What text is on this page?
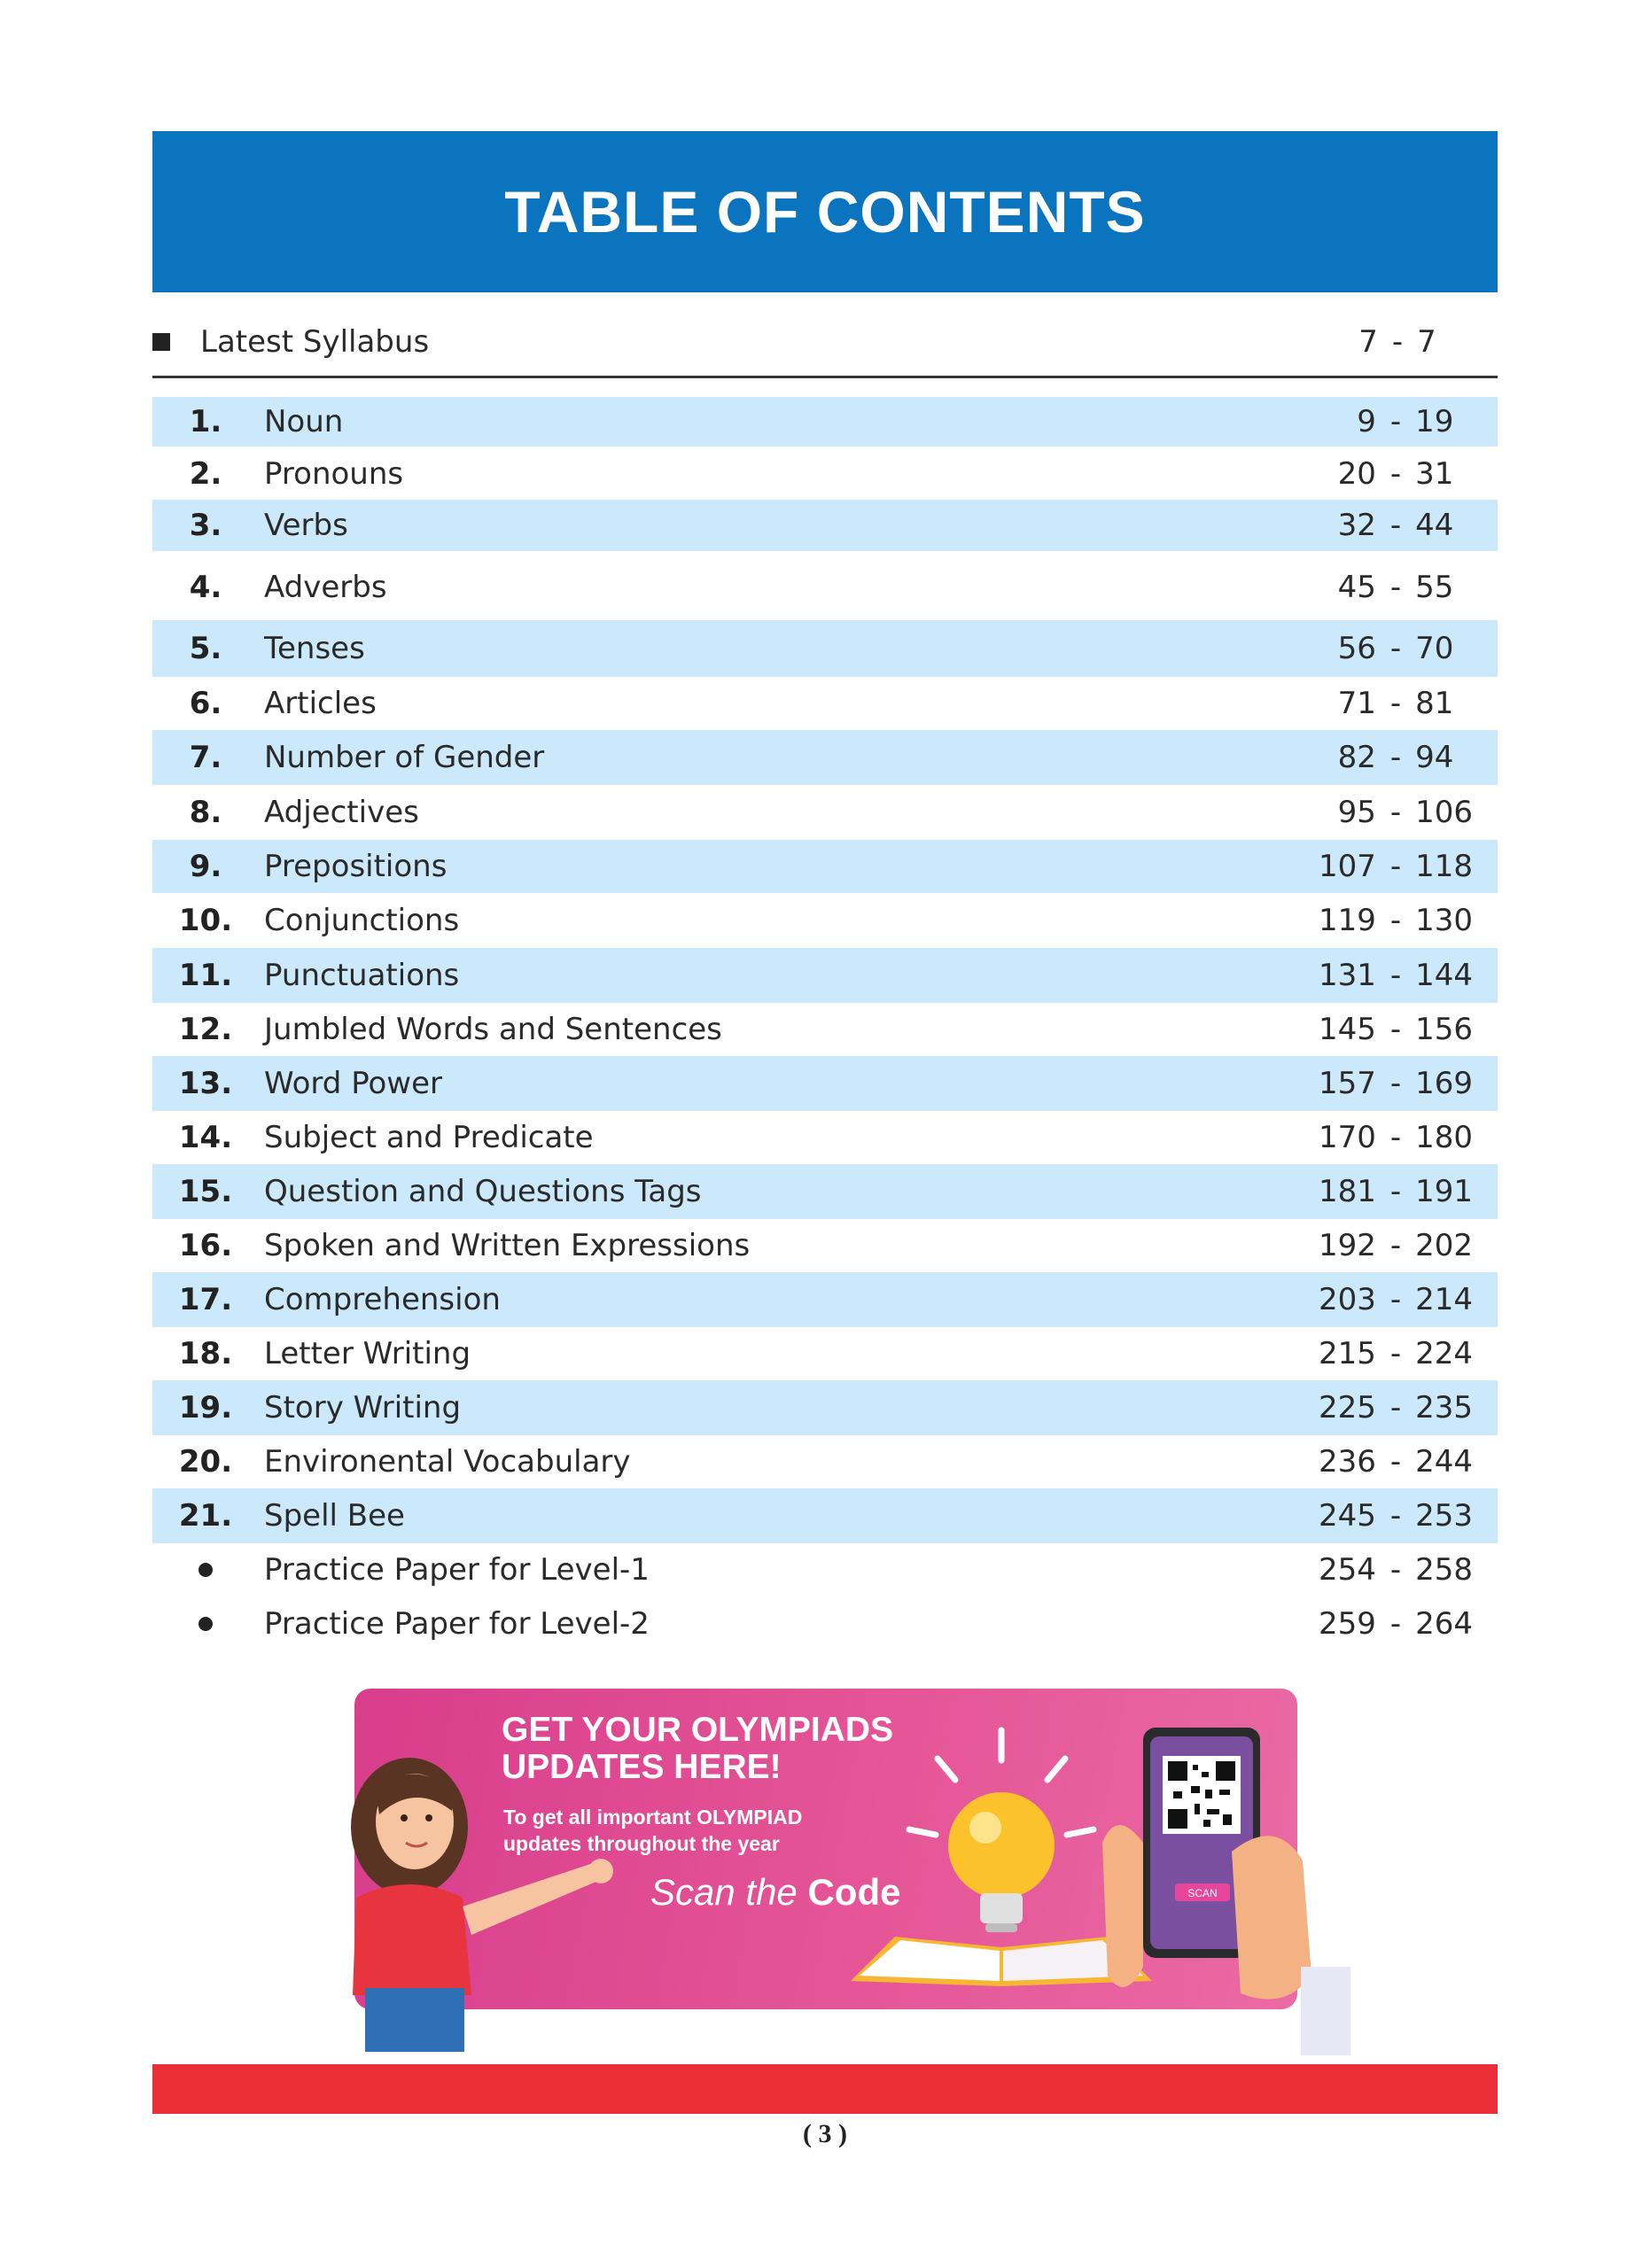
TABLE OF CONTENTS
Latest Syllabus	7 - 7
1.	Noun	9 - 19
2.	Pronouns	20 - 31
3.	Verbs	32 - 44
4.	Adverbs	45 - 55
5.	Tenses	56 - 70
6.	Articles	71 - 81
7.	Number of Gender	82 - 94
8.	Adjectives	95 - 106
9.	Prepositions	107 - 118
10.	Conjunctions	119 - 130
11.	Punctuations	131 - 144
12.	Jumbled Words and Sentences	145 - 156
13.	Word Power	157 - 169
14.	Subject and Predicate	170 - 180
15.	Question and Questions Tags	181 - 191
16.	Spoken and Written Expressions	192 - 202
17.	Comprehension	203 - 214
18.	Letter Writing	215 - 224
19.	Story Writing	225 - 235
20.	Environental Vocabulary	236 - 244
21.	Spell Bee	245 - 253
Practice Paper for Level-1	254 - 258
Practice Paper for Level-2	259 - 264
GET YOUR OLYMPIADS
UPDATES HERE!
To get all important OLYMPIAD
updates throughout the year
Scan the Code	SCAN
( 3 )
